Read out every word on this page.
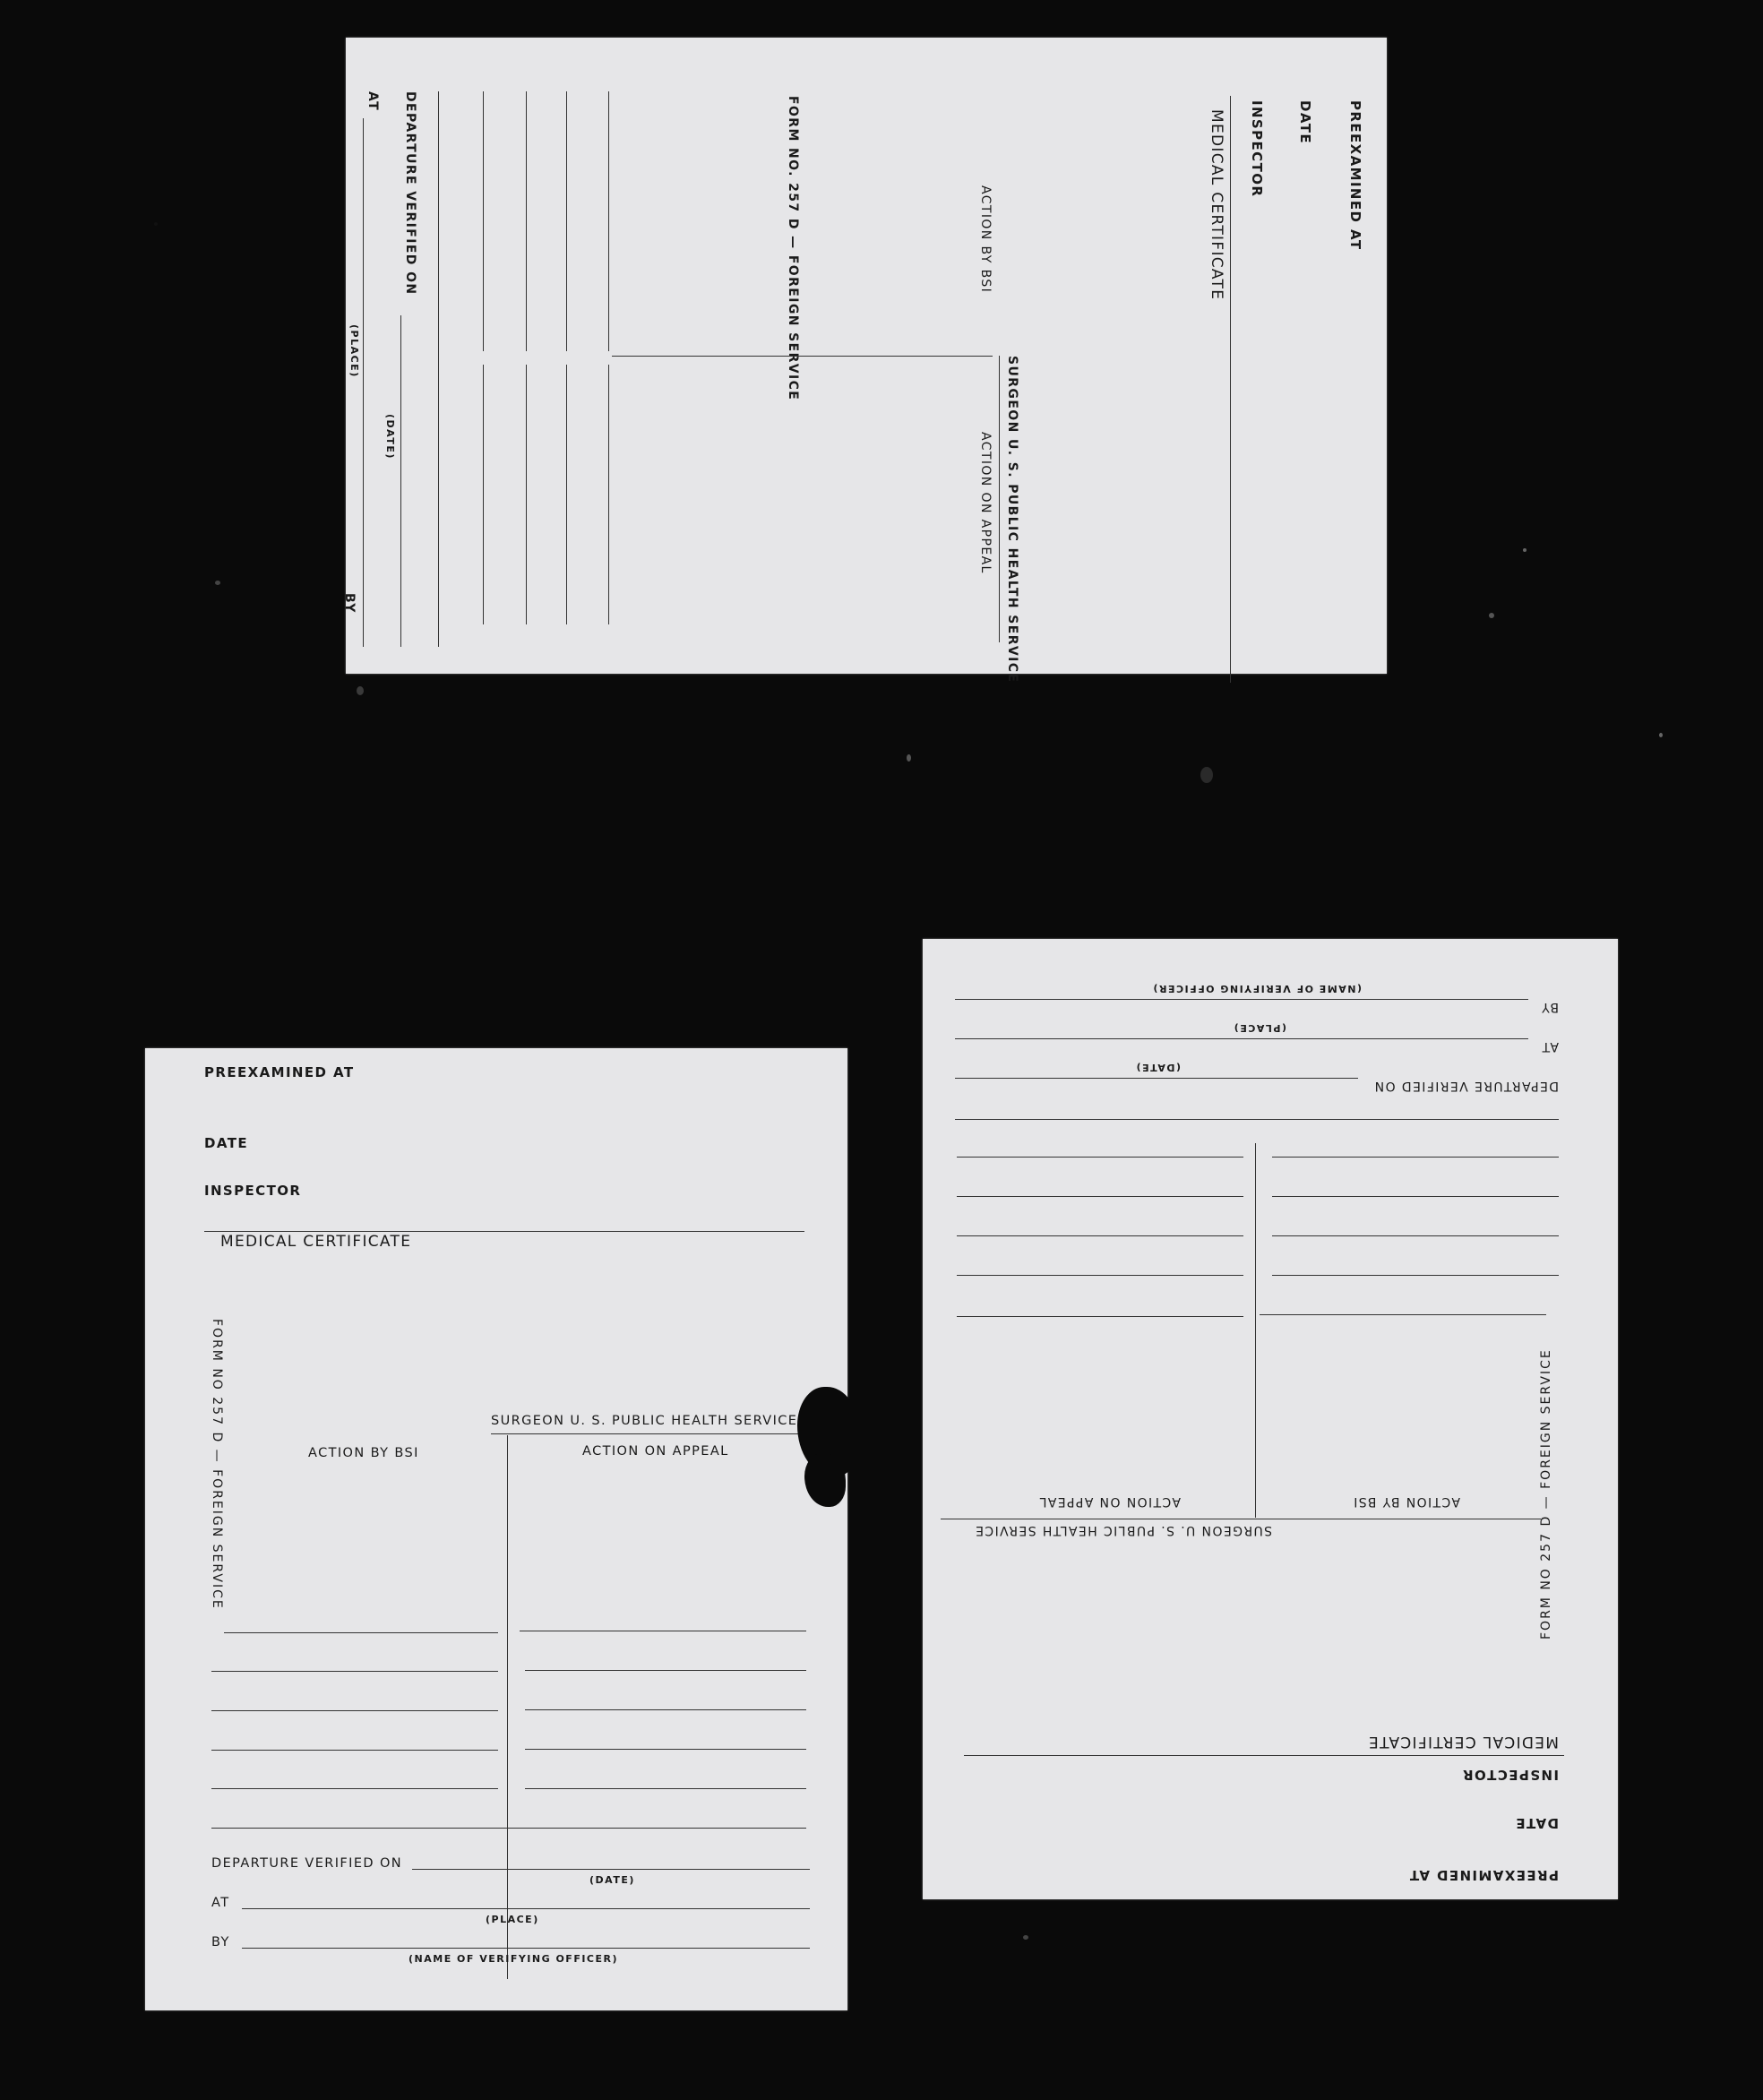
PREEXAMINED AT
DATE
INSPECTOR
MEDICAL CERTIFICATE
FORM NO. 257 D — FOREIGN SERVICE
SURGEON U. S. PUBLIC HEALTH SERVICE
ACTION BY BSI
ACTION ON APPEAL
DEPARTURE VERIFIED ON
(DATE)
AT
(PLACE)
BY
PREEXAMINED AT
DATE
INSPECTOR
MEDICAL CERTIFICATE
FORM NO 257 D — FOREIGN SERVICE	SURGEON U. S. PUBLIC HEALTH SERVICE
ACTION BY BSI	ACTION ON APPEAL
DEPARTURE VERIFIED ON
(DATE)
AT
(PLACE)
BY
(NAME OF VERIFYING OFFICER)
PREEXAMINED AT
DATE
INSPECTOR
MEDICAL CERTIFICATE
FORM NO 257 D — FOREIGN SERVICE
SURGEON U. S. PUBLIC HEALTH SERVICE
ACTION BY BSI
ACTION ON APPEAL
DEPARTURE VERIFIED ON
(DATE)
AT
(PLACE)
BY
(NAME OF VERIFYING OFFICER)
